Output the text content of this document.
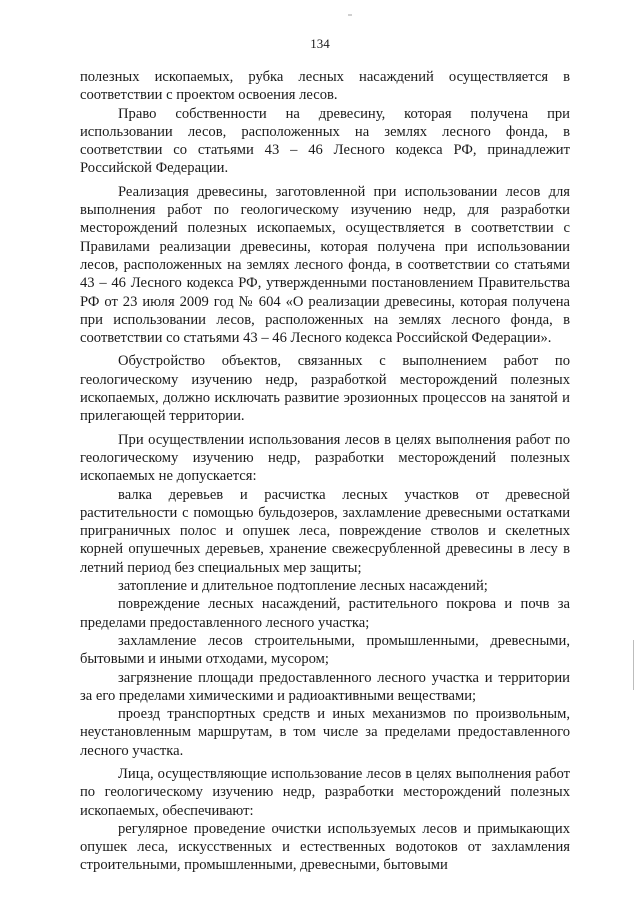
134

полезных ископаемых, рубка лесных насаждений осуществляется в соответствии с проектом освоения лесов.

Право собственности на древесину, которая получена при использовании лесов, расположенных на землях лесного фонда, в соответствии со статьями 43 – 46 Лесного кодекса РФ, принадлежит Российской Федерации.

Реализация древесины, заготовленной при использовании лесов для выполнения работ по геологическому изучению недр, для разработки месторождений полезных ископаемых, осуществляется в соответствии с Правилами реализации древесины, которая получена при использовании лесов, расположенных на землях лесного фонда, в соответствии со статьями 43 – 46 Лесного кодекса РФ, утвержденными постановлением Правительства РФ от 23 июля 2009 год № 604 «О реализации древесины, которая получена при использовании лесов, расположенных на землях лесного фонда, в соответствии со статьями 43 – 46 Лесного кодекса Российской Федерации».

Обустройство объектов, связанных с выполнением работ по геологическому изучению недр, разработкой месторождений полезных ископаемых, должно исключать развитие эрозионных процессов на занятой и прилегающей территории.

При осуществлении использования лесов в целях выполнения работ по геологическому изучению недр, разработки месторождений полезных ископаемых не допускается:

валка деревьев и расчистка лесных участков от древесной растительности с помощью бульдозеров, захламление древесными остатками приграничных полос и опушек леса, повреждение стволов и скелетных корней опушечных деревьев, хранение свежесрубленной древесины в лесу в летний период без специальных мер защиты;

затопление и длительное подтопление лесных насаждений;

повреждение лесных насаждений, растительного покрова и почв за пределами предоставленного лесного участка;

захламление лесов строительными, промышленными, древесными, бытовыми и иными отходами, мусором;

загрязнение площади предоставленного лесного участка и территории за его пределами химическими и радиоактивными веществами;

проезд транспортных средств и иных механизмов по произвольным, неустановленным маршрутам, в том числе за пределами предоставленного лесного участка.

Лица, осуществляющие использование лесов в целях выполнения работ по геологическому изучению недр, разработки месторождений полезных ископаемых, обеспечивают:

регулярное проведение очистки используемых лесов и примыкающих опушек леса, искусственных и естественных водотоков от захламления строительными, промышленными, древесными, бытовыми
